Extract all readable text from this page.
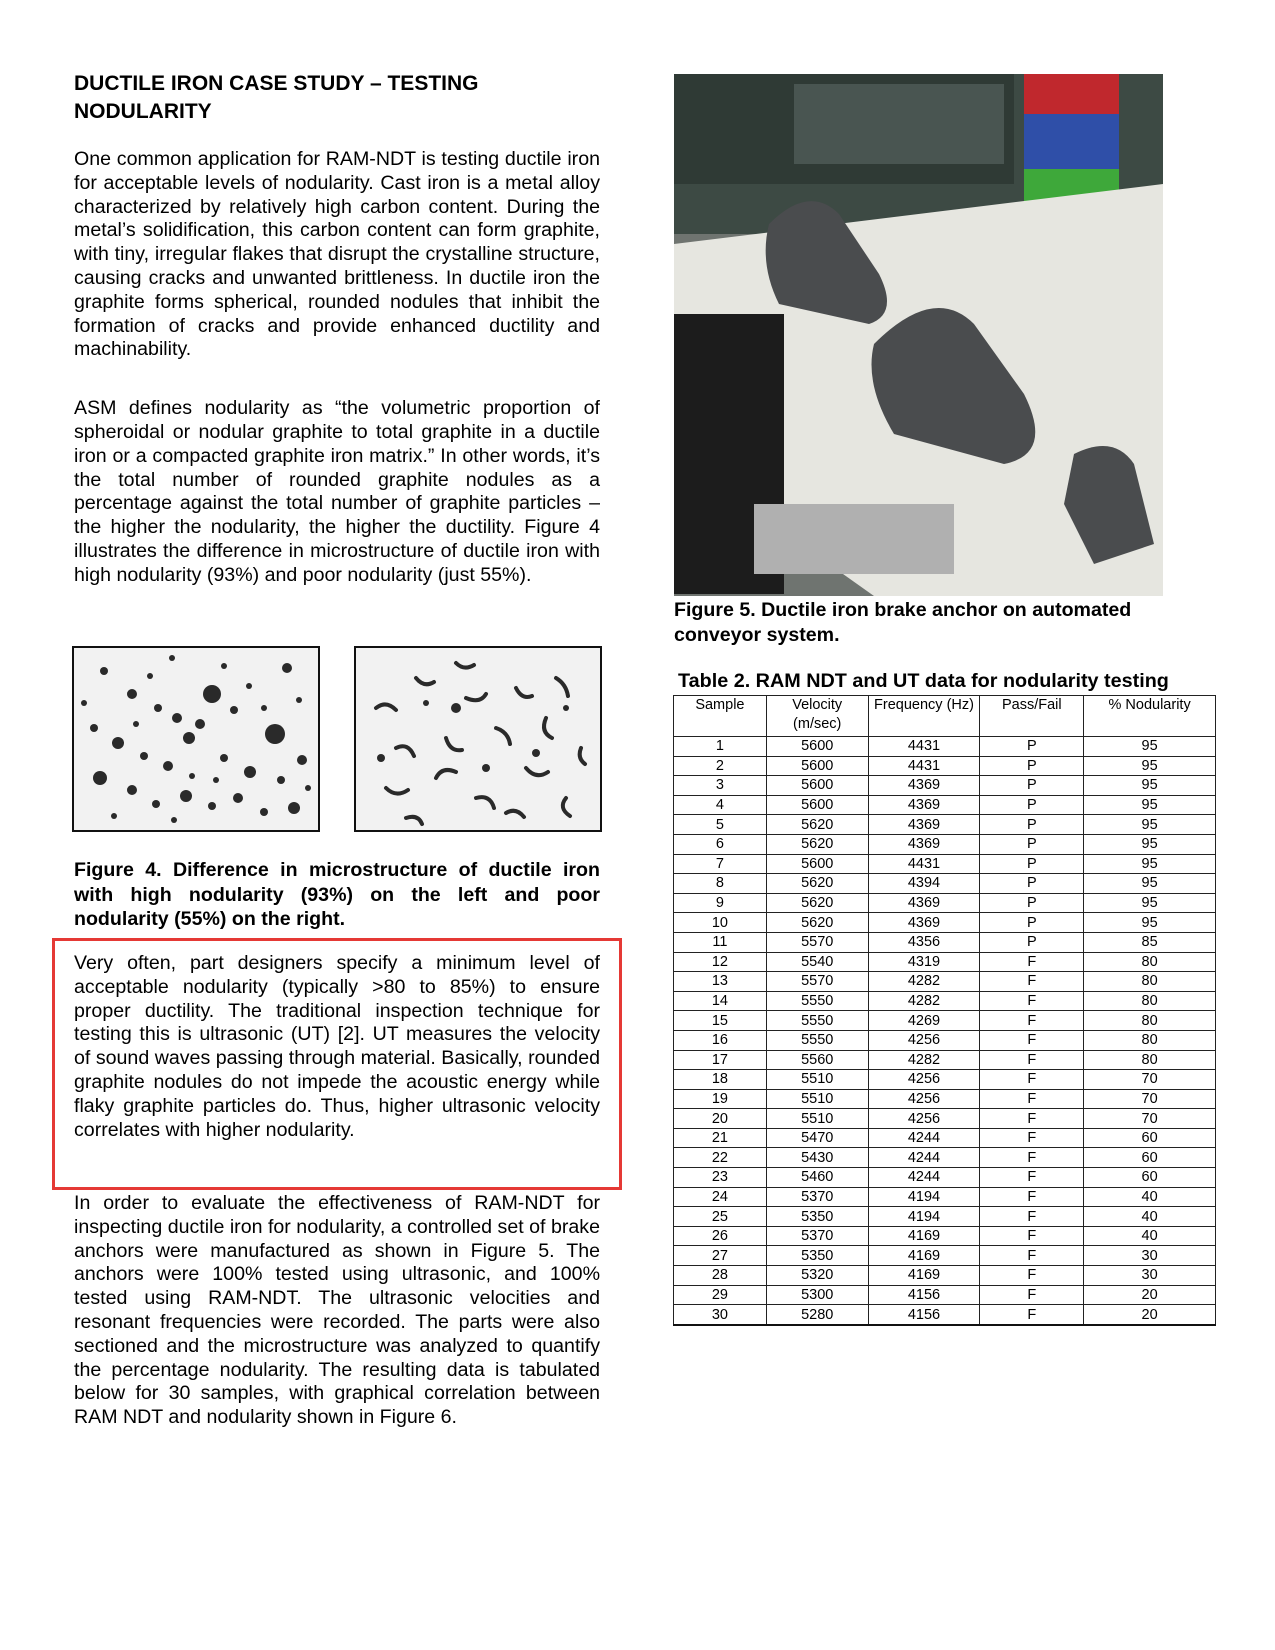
DUCTILE IRON CASE STUDY – TESTING
NODULARITY

One common application for RAM-NDT is testing ductile iron for acceptable levels of nodularity. Cast iron is a metal alloy characterized by relatively high carbon content. During the metal’s solidification, this carbon content can form graphite, with tiny, irregular flakes that disrupt the crystalline structure, causing cracks and unwanted brittleness. In ductile iron the graphite forms spherical, rounded nodules that inhibit the formation of cracks and provide enhanced ductility and machinability.

ASM defines nodularity as “the volumetric proportion of spheroidal or nodular graphite to total graphite in a ductile iron or a compacted graphite iron matrix.” In other words, it’s the total number of rounded graphite nodules as a percentage against the total number of graphite particles – the higher the nodularity, the higher the ductility. Figure 4 illustrates the difference in microstructure of ductile iron with high nodularity (93%) and poor nodularity (just 55%).

Figure 4. Difference in microstructure of ductile iron with high nodularity (93%) on the left and poor nodularity (55%) on the right.

Very often, part designers specify a minimum level of acceptable nodularity (typically >80 to 85%) to ensure proper ductility. The traditional inspection technique for testing this is ultrasonic (UT) [2]. UT measures the velocity of sound waves passing through material. Basically, rounded graphite nodules do not impede the acoustic energy while flaky graphite particles do. Thus, higher ultrasonic velocity correlates with higher nodularity.

In order to evaluate the effectiveness of RAM-NDT for inspecting ductile iron for nodularity, a controlled set of brake anchors were manufactured as shown in Figure 5. The anchors were 100% tested using ultrasonic, and 100% tested using RAM-NDT. The ultrasonic velocities and resonant frequencies were recorded. The parts were also sectioned and the microstructure was analyzed to quantify the percentage nodularity. The resulting data is tabulated below for 30 samples, with graphical correlation between RAM NDT and nodularity shown in Figure 6.

Figure 5. Ductile iron brake anchor on automated conveyor system.
Table 2. RAM NDT and UT data for nodularity testing
Sample	Velocity (m/sec)	Frequency (Hz)	Pass/Fail	% Nodularity
1	5600	4431	P	95
2	5600	4431	P	95
3	5600	4369	P	95
4	5600	4369	P	95
5	5620	4369	P	95
6	5620	4369	P	95
7	5600	4431	P	95
8	5620	4394	P	95
9	5620	4369	P	95
10	5620	4369	P	95
11	5570	4356	P	85
12	5540	4319	F	80
13	5570	4282	F	80
14	5550	4282	F	80
15	5550	4269	F	80
16	5550	4256	F	80
17	5560	4282	F	80
18	5510	4256	F	70
19	5510	4256	F	70
20	5510	4256	F	70
21	5470	4244	F	60
22	5430	4244	F	60
23	5460	4244	F	60
24	5370	4194	F	40
25	5350	4194	F	40
26	5370	4169	F	40
27	5350	4169	F	30
28	5320	4169	F	30
29	5300	4156	F	20
30	5280	4156	F	20
